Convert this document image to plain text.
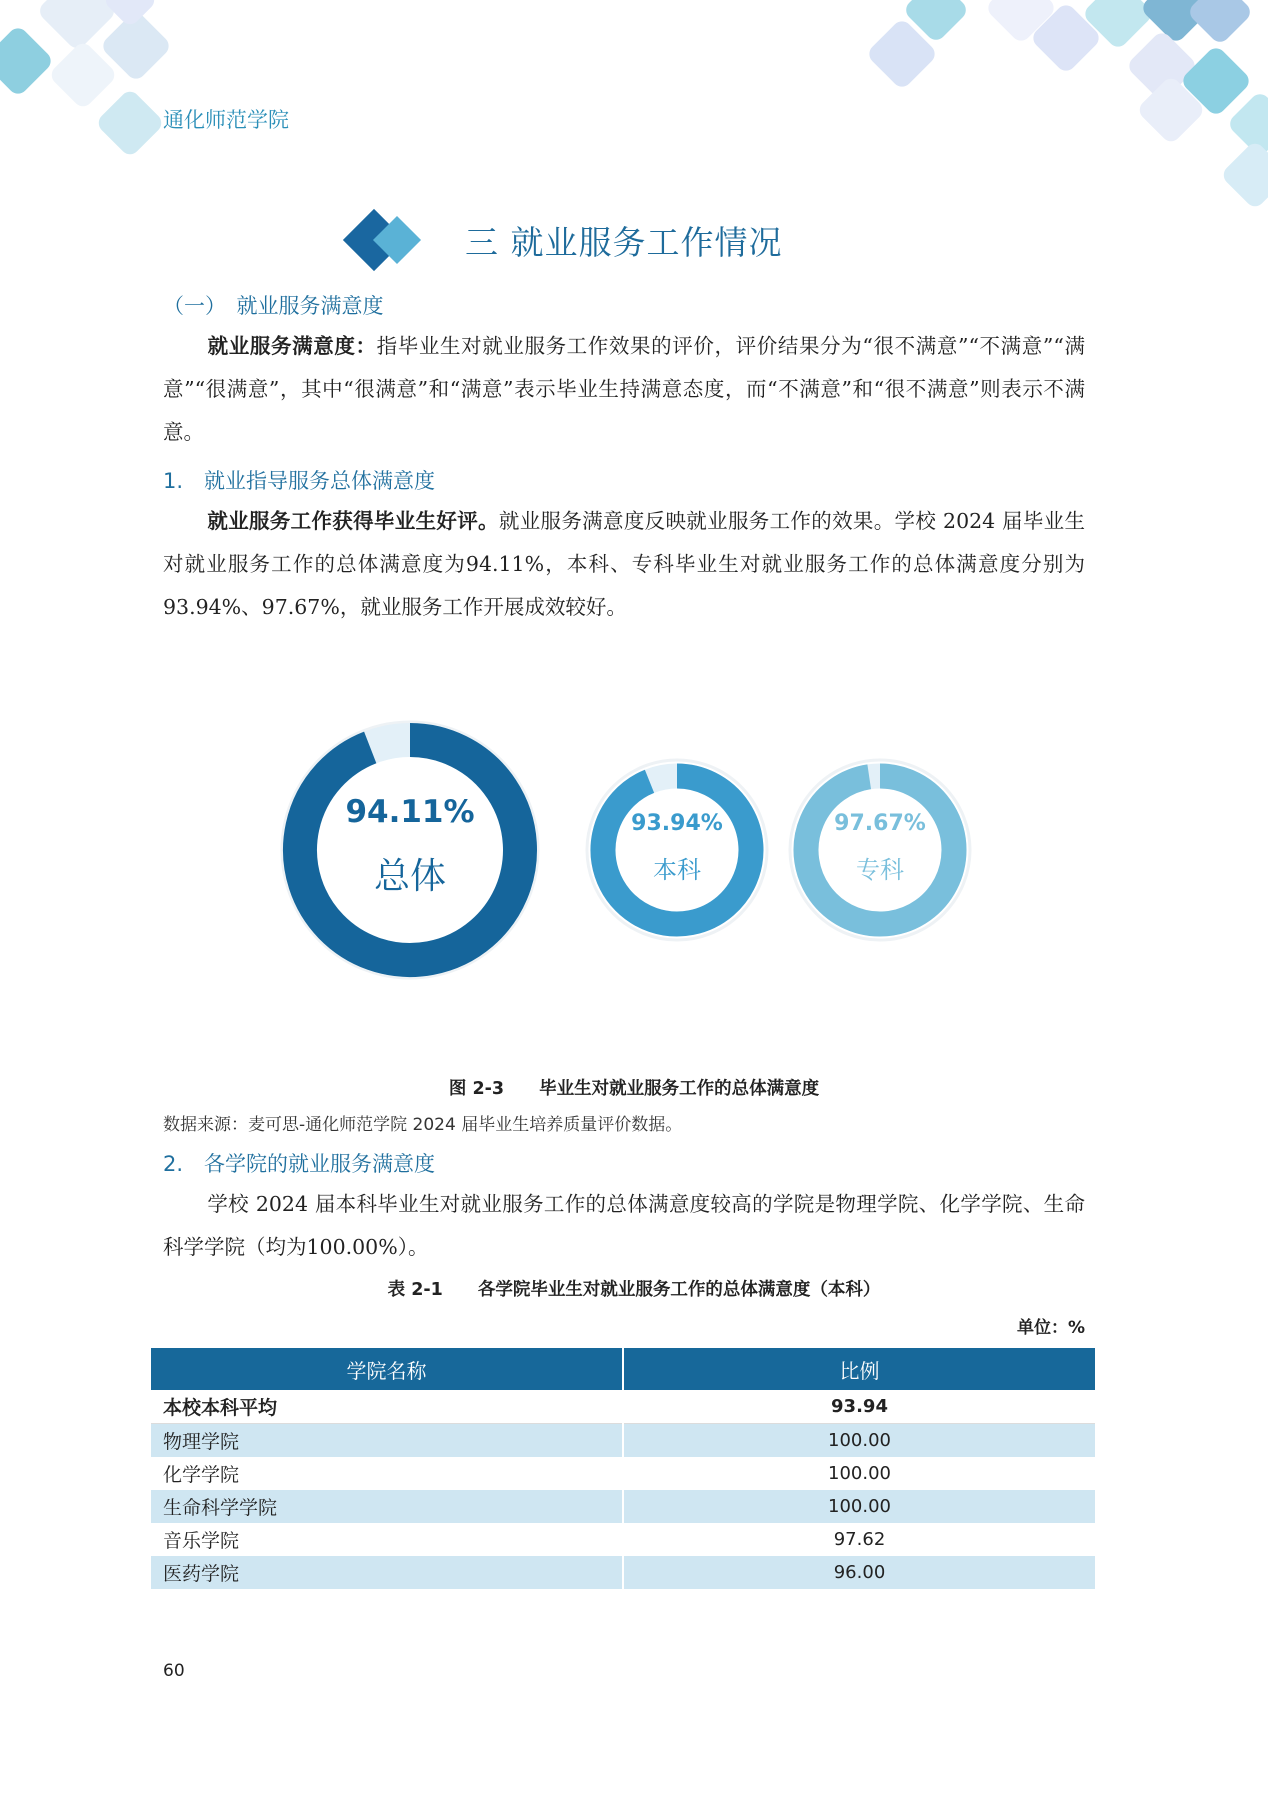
通化师范学院
三 就业服务工作情况
（一）　就业服务满意度
就业服务满意度：指毕业生对就业服务工作效果的评价，评价结果分为“很不满意”“不满意”“满意”“很满意”，其中“很满意”和“满意”表示毕业生持满意态度，而“不满意”和“很不满意”则表示不满意。
1.　就业指导服务总体满意度
就业服务工作获得毕业生好评。就业服务满意度反映就业服务工作的效果。学校 2024 届毕业生对就业服务工作的总体满意度为94.11%，本科、专科毕业生对就业服务工作的总体满意度分别为93.94%、97.67%，就业服务工作开展成效较好。
94.11%
总体
93.94%
本科
97.67%
专科
图 2-3　　毕业生对就业服务工作的总体满意度
数据来源：麦可思-通化师范学院 2024 届毕业生培养质量评价数据。
2.　各学院的就业服务满意度
学校 2024 届本科毕业生对就业服务工作的总体满意度较高的学院是物理学院、化学学院、生命科学学院（均为100.00%）。
表 2-1　　各学院毕业生对就业服务工作的总体满意度（本科）
单位：%
学院名称	比例
本校本科平均	93.94
物理学院	100.00
化学学院	100.00
生命科学学院	100.00
音乐学院	97.62
医药学院	96.00
60
